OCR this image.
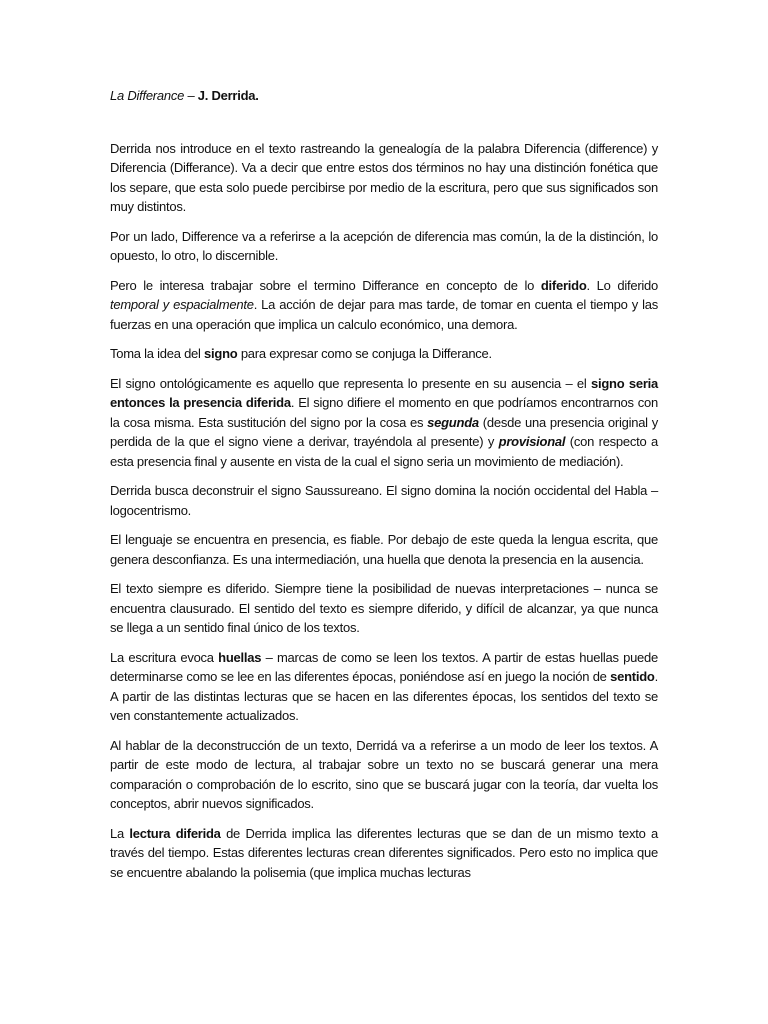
La Differance – J. Derrida.

Derrida nos introduce en el texto rastreando la genealogía de la palabra Diferencia (difference) y Diferencia (Differance). Va a decir que entre estos dos términos no hay una distinción fonética que los separe, que esta solo puede percibirse por medio de la escritura, pero que sus significados son muy distintos.

Por un lado, Difference va a referirse a la acepción de diferencia mas común, la de la distinción, lo opuesto, lo otro, lo discernible.

Pero le interesa trabajar sobre el termino Differance en concepto de lo diferido. Lo diferido temporal y espacialmente. La acción de dejar para mas tarde, de tomar en cuenta el tiempo y las fuerzas en una operación que implica un calculo económico, una demora.

Toma la idea del signo para expresar como se conjuga la Differance.

El signo ontológicamente es aquello que representa lo presente en su ausencia – el signo seria entonces la presencia diferida. El signo difiere el momento en que podríamos encontrarnos con la cosa misma. Esta sustitución del signo por la cosa es segunda (desde una presencia original y perdida de la que el signo viene a derivar, trayéndola al presente) y provisional (con respecto a esta presencia final y ausente en vista de la cual el signo seria un movimiento de mediación).

Derrida busca deconstruir el signo Saussureano. El signo domina la noción occidental del Habla – logocentrismo.

El lenguaje se encuentra en presencia, es fiable. Por debajo de este queda la lengua escrita, que genera desconfianza. Es una intermediación, una huella que denota la presencia en la ausencia.

El texto siempre es diferido. Siempre tiene la posibilidad de nuevas interpretaciones – nunca se encuentra clausurado. El sentido del texto es siempre diferido, y difícil de alcanzar, ya que nunca se llega a un sentido final único de los textos.

La escritura evoca huellas – marcas de como se leen los textos. A partir de estas huellas puede determinarse como se lee en las diferentes épocas, poniéndose así en juego la noción de sentido. A partir de las distintas lecturas que se hacen en las diferentes épocas, los sentidos del texto se ven constantemente actualizados.

Al hablar de la deconstrucción de un texto, Derridá va a referirse a un modo de leer los textos. A partir de este modo de lectura, al trabajar sobre un texto no se buscará generar una mera comparación o comprobación de lo escrito, sino que se buscará jugar con la teoría, dar vuelta los conceptos, abrir nuevos significados.

La lectura diferida de Derrida implica las diferentes lecturas que se dan de un mismo texto a través del tiempo. Estas diferentes lecturas crean diferentes significados. Pero esto no implica que se encuentre abalando la polisemia (que implica muchas lecturas
